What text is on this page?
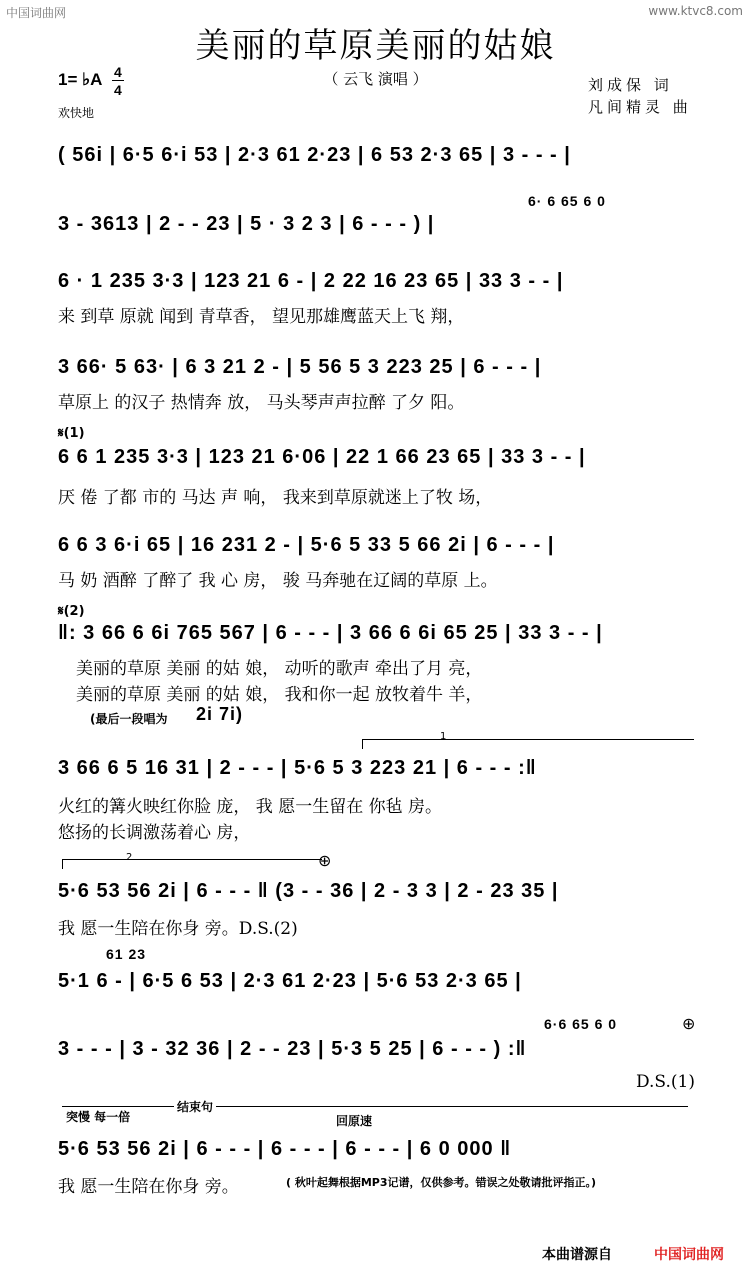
中国词曲网	www.ktvc8.com
美丽的草原美丽的姑娘
（ 云飞 演唱 ）	刘成保 词
凡间精灵 曲
1= ♭A 4
4
欢快地
( 56i | 6·5 6·i 53 | 2·3 61 2·23 | 6 53 2·3 65 | 3 - - - |
6· 6 65 6 0
3 - 3613 | 2 - - 23 | 5 · 3 2 3 | 6 - - - ) |
6 · 1 235 3·3 | 123 21 6 - | 2 22 16 23 65 | 33 3 - - |
来 到草 原就 闻到 青草香， 望见那雄鹰蓝天上飞 翔，
3 66· 5 63· | 6 3 21 2 - | 5 56 5 3 223 25 | 6 - - - |
草原上 的汉子 热情奔 放， 马头琴声声拉醉 了夕 阳。
𝄋(1)
6 6 1 235 3·3 | 123 21 6·06 | 22 1 66 23 65 | 33 3 - - |
厌 倦 了都 市的 马达 声 响， 我来到草原就迷上了牧 场，
6 6 3 6·i 65 | 16 231 2 - | 5·6 5 33 5 66 2i | 6 - - - |
马 奶 酒醉 了醉了 我 心 房， 骏 马奔驰在辽阔的草原 上。
𝄋(2)
‖: 3 66 6 6i 765 567 | 6 - - - | 3 66 6 6i 65 25 | 33 3 - - |
美丽的草原 美丽 的姑 娘， 动听的歌声 牵出了月 亮，
美丽的草原 美丽 的姑 娘， 我和你一起 放牧着牛 羊，
(最后一段唱为 2i 7i)
1
3 66 6 5 16 31 | 2 - - - | 5·6 5 3 223 21 | 6 - - - :‖
火红的篝火映红你脸 庞， 我 愿一生留在 你毡 房。
悠扬的长调激荡着心 房，
2	⊕
5·6 53 56 2i | 6 - - - ‖ (3 - - 36 | 2 - 3 3 | 2 - 23 35 |
我 愿一生陪在你身 旁。D.S.(2)
61 23
5·1 6 - | 6·5 6 53 | 2·3 61 2·23 | 5·6 53 2·3 65 |
6·6 65 6 0	⊕
3 - - - | 3 - 32 36 | 2 - - 23 | 5·3 5 25 | 6 - - - ) :‖
D.S.(1)
突慢 每一倍
结束句
回原速
5·6 53 56 2i | 6 - - - | 6 - - - | 6 - - - | 6 0 000 ‖
我 愿一生陪在你身 旁。	( 秋叶起舞根据MP3记谱，仅供参考。错误之处敬请批评指正。)
本曲谱源自	中国词曲网
